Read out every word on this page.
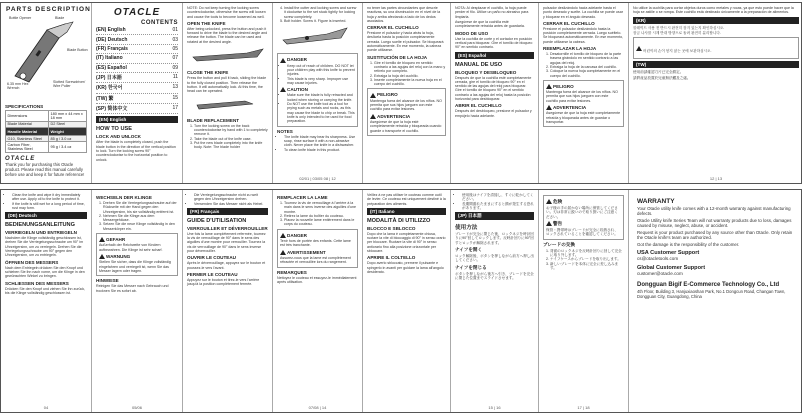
PARTS DESCRIPTION
Bottle Opener	Blade
Blade Button
Slotted Screwdriver/ Wire Puller
6.35 mm Hex Wrench
SPECIFICATIONS
Dimensions	180 mm x 44 mm x 18 mm
Blade Material	D2 Steel
Handle Material	Weight
G10, Stainless Steel	85 g / 3.0 oz
Carbon Fiber, Stainless Steel	95 g / 3.4 oz
OTACLE
Thank you for purchasing this Otacle product. Please read this manual carefully before use and keep it for future reference!
OTACLE
CONTENTS
(EN) English	01
(DE) Deutsch	03
(FR) Français	05
(IT) Italiano	07
(ES) Español	09
(JP) 日本語	11
(KR) 한국어	13
(TW) 繁	15
(SP) 简体中文	17
(EN) English
HOW TO USE
LOCK AND UNLOCK
After the blade is completely closed, push the blade button in the direction of the vertical position to lock. Turn the locking screw 90° counterclockwise to the horizontal position to unlock.
NOTE: Do not keep turning the locking screw counterclockwise, otherwise the screw will loosen and cause the tools to become loosened as well.
OPEN THE KNIFE
After being unlocked, press the button and push it forward to drive the blade to the desired angle and release the button. The blade can be used and rotated at the desired angle.
CLOSE THE KNIFE
Press the button and pull it back, sliding the blade to the fully closed position. Then release the button. It will automatically lock. At this time, the head can be operated.
BLADE REPLACEMENT
1. Turn the locking screw on the back counterclockwise by hand with 1 to completely remove it.
2. Take the blade out of the knife case.
3. Put the new blade completely into the knife body. Note: The blade holder
4. Install the cutter and locking screw and screw it clockwise to the set stuck tightly for locking screw completely.
5. Bolt holder. Screw it. Figure is inserted.
DANGER
• Keep out of reach of children. DO NOT let your children play with this knife to prevent injuries.
• This blade is very sharp. Improper use may cause injuries.
CAUTION
• Make sure the blade is fully retracted and locked when storing or carrying the knife.
• Do NOT use the knife tool as a tool for prying such as metals and rocks, as this may cause the blade to chip or break. This knife is only intended to be used for food preparation.
NOTES
• The knife blade may bear its sharpness. Use soap, rinse surface it with a non-abrasive cloth. Never place the knife in a dishwasher.
• To clean knife blade in this product.
02/01 | 03/05 08 | 12
no tener las partes circundantes que descrie reactivas, su una disminución en el nivel de la hoja y arriba afectando a lado de los dedos asociados.
CERRAR EL CUCHILLO
Presione el pulsador y hacia atrás la hoja, deslícela hasta la posición completamente cerrada. Luego suelte el pulsador. Se bloqueará automáticamente. En ese momento, la cabeza puede utilizarse.
SUSTITUCIÓN DE LA HOJA
1. Gire el tornillo de bloqueo en sentido contrario a las agujas del reloj con la mano y retírelo por completo.
2. Extraiga la hoja del cuchillo.
3. Inserte completamente la nueva hoja en el cuerpo del cuchillo.
PELIGRO
Mantenga fuera del alcance de los niños. NO permita que sus hijos jueguen con este cuchillo para evitar lesiones.
ADVERTENCIA
Asegúrese de que la hoja esté completamente retraída y bloqueada cuando guarde o transporte el cuchillo.
NOTA: Al desplazar el cuchillo, la hoja puede perder el filo. Utilice un paño no abrasivo para limpiarla.
Asegúrese de que la cuchilla esté completamente retraída antes de guardarla.
MODO DE USO
Use la cuchilla de corte y el cortador en posición vertical para bloquear. Gire el tornillo de bloqueo 90° en sentido contrario.
(ES) Español
MANUAL DE USO
BLOQUEO Y DESBLOQUEO
Después de que la cuchilla esté completamente cerrada, gire el tornillo de bloqueo 90° en el sentido de las agujas del reloj para bloquear. Gire el tornillo de bloqueo 90° en el sentido contrario a las agujas del reloj hasta la posición horizontal para desbloquear.
ABRIR EL CUCHILLO
Después del desbloqueo, presione el pulsador y empújelo hacia adelante.
pulsador deslizándolo hacia adelante hasta el punto deseado y suelte. La cuchilla se puede usar y bloquear en el ángulo deseado.
CERRAR EL CUCHILLO
Presione el pulsador deslizándolo hasta la posición completamente cerrada. Luego suéltelo. Se bloqueará automáticamente. En ese momento, puede utilizarse la cabeza.
REEMPLAZAR LA HOJA
1. Desatornille el tornillo de bloqueo de la parte trasera girándolo en sentido contrario a las agujas del reloj.
2. Extraiga la hoja de la carcasa del cuchillo.
3. Coloque la nueva hoja completamente en el cuerpo del cuchillo.
PELIGRO
Mantenga fuera del alcance de los niños. NO permita que sus hijos jueguen con este cuchillo para evitar lesiones.
ADVERTENCIA
Asegúrese de que la hoja esté completamente retraída y bloqueada antes de guardar o transportar.
No utilice la cuchilla para cortar objetos duros como metales y rocas, ya que esto puede hacer que la hoja se astille o se rompa. Este cuchillo está destinado únicamente a la preparación de alimentos.
(KR)
블레이드 사용 전 반드시 완전히 잠겨 있는지 확인하십시오.
잠금 나사를 시계 반대 방향으로 돌려 완전히 분리합니다.
어린이의 손이 닿지 않는 곳에 보관하십시오.
(TW)
使用前請確認刀片已完全鎖定。
請將產品放置於兒童無法觸及之處。
12 | 13
• Clean the knife and wipe it dry immediately after use. Apply oil to the knife to protect it.
• If the knife is still wet for a long period of time, rust may form.
(DE) Deutsch
BEDIENUNGSANLEITUNG
VERRIEGELN UND ENTRIEGELN
Nachdem die Klinge vollständig geschlossen ist, drehen Sie die Verriegelungsschraube um 90° im Uhrzeigersinn, um zu verriegeln. Drehen Sie die Verriegelungsschraube um 90° gegen den Uhrzeigersinn, um zu entriegeln.
ÖFFNEN DES MESSERS
Nach dem Entriegeln drücken Sie den Knopf und schieben Sie ihn nach vorne, um die Klinge in den gewünschten Winkel zu bringen.
SCHLIESSEN DES MESSERS
Drücken Sie den Knopf und ziehen Sie ihn zurück, bis die Klinge vollständig geschlossen ist.
04
WECHSELN DER KLINGE
1. Drehen Sie die Verriegelungsschraube auf der Rückseite mit der Hand gegen den Uhrzeigersinn, bis sie vollständig entfernt ist.
2. Nehmen Sie die Klinge aus dem Messergehäuse.
3. Setzen Sie die neue Klinge vollständig in den Messerkörper ein.
GEFAHR
Außerhalb der Reichweite von Kindern aufbewahren. Die Klinge ist sehr scharf.
WARNUNG
Stellen Sie sicher, dass die Klinge vollständig eingefahren und verriegelt ist, wenn Sie das Messer lagern oder tragen.
HINWEISE
Reinigen Sie das Messer nach Gebrauch und trocknen Sie es sofort ab.
05/06
• Die Verriegelungsschraube nicht zu weit gegen den Uhrzeigersinn drehen.
• Verwenden Sie das Messer nicht als Hebel.
(FR) Français
GUIDE D'UTILISATION
VERROUILLER ET DÉVERROUILLER
Une fois la lame complètement refermée, tournez la vis de verrouillage de 90° dans le sens des aiguilles d'une montre pour verrouiller. Tournez la vis de verrouillage de 90° dans le sens inverse pour déverrouiller.
OUVRIR LE COUTEAU
Après le déverrouillage, appuyez sur le bouton et poussez-le vers l'avant.
FERMER LE COUTEAU
Appuyez sur le bouton et tirez-le vers l'arrière jusqu'à la position complètement fermée.
REMPLACER LA LAME
1. Tournez la vis de verrouillage à l'arrière à la main dans le sens inverse des aiguilles d'une montre.
2. Retirez la lame du boîtier du couteau.
3. Placez la nouvelle lame entièrement dans le corps du couteau.
DANGER
Tenir hors de portée des enfants. Cette lame est très tranchante.
AVERTISSEMENT
Assurez-vous que la lame est complètement rétractée et verrouillée lors du rangement.
REMARQUES
Nettoyez le couteau et essuyez-le immédiatement après utilisation.
07/08 | 14
Veillez à ne pas utiliser le couteau comme outil de levier. Ce couteau est uniquement destiné à la préparation des aliments.
(IT) Italiano
MODALITÀ DI UTILIZZO
BLOCCO E SBLOCCO
Dopo che la lama è completamente chiusa, ruotare la vite di bloccaggio di 90° in senso orario per bloccare. Ruotare la vite di 90° in senso antiorario fino alla posizione orizzontale per sbloccare.
APRIRE IL COLTELLO
Dopo averlo sbloccato, premere il pulsante e spingerlo in avanti per guidare la lama all'angolo desiderato.
• 使用後はナイフを清掃し、すぐに乾かしてください。
• 長期間濡れたままにすると錆が発生する恐れがあります。
(JP) 日本語
使用方法
ブレードが完全に閉じた後、ロックネジを時計回りに90°回してロックします。反時計回りに90°回すとロックが解除されます。
ナイフを開く
ロック解除後、ボタンを押しながら前方へ押し出してください。
ナイフを閉じる
ボタンを押しながら後方へ引き、ブレードを完全に閉じた位置までスライドさせます。
15 | 16
危険
お子様の手の届かない場所に保管してください。刃は非常に鋭いので取り扱いにご注意ください。
警告
保管・携帯時はブレードが完全に収納され、ロックされていることを確認してください。
ブレードの交換
1. 背面のロックネジを反時計回りに回して完全に取り外します。
2. ナイフケースからブレードを取り出します。
3. 新しいブレードを本体に完全に差し込みます。
17 | 18
WARRANTY
Your Otacle utility knife comes with a 12-month warranty against manufacturing defects.
Otacle Utility knife Series Team will not warranty products due to loss, damages caused by misuse, neglect, abuse, or accident.
Request is your product purchased by any source other than Otacle. Only retain the Otacle knife's team are authorized.
Got the damage is the responsibility of the customer.
USA Customer Support
cs@otacletools.com
Global Customer Support
customer@otacle.com
Dongguan Bigif E-Commerce Technology Co., Ltd
4th Floor, Building 3, Hanjuxiaoshan Park, No.1 Dongcun Road, Changan Town, Dongguan City, Guangdong, China
